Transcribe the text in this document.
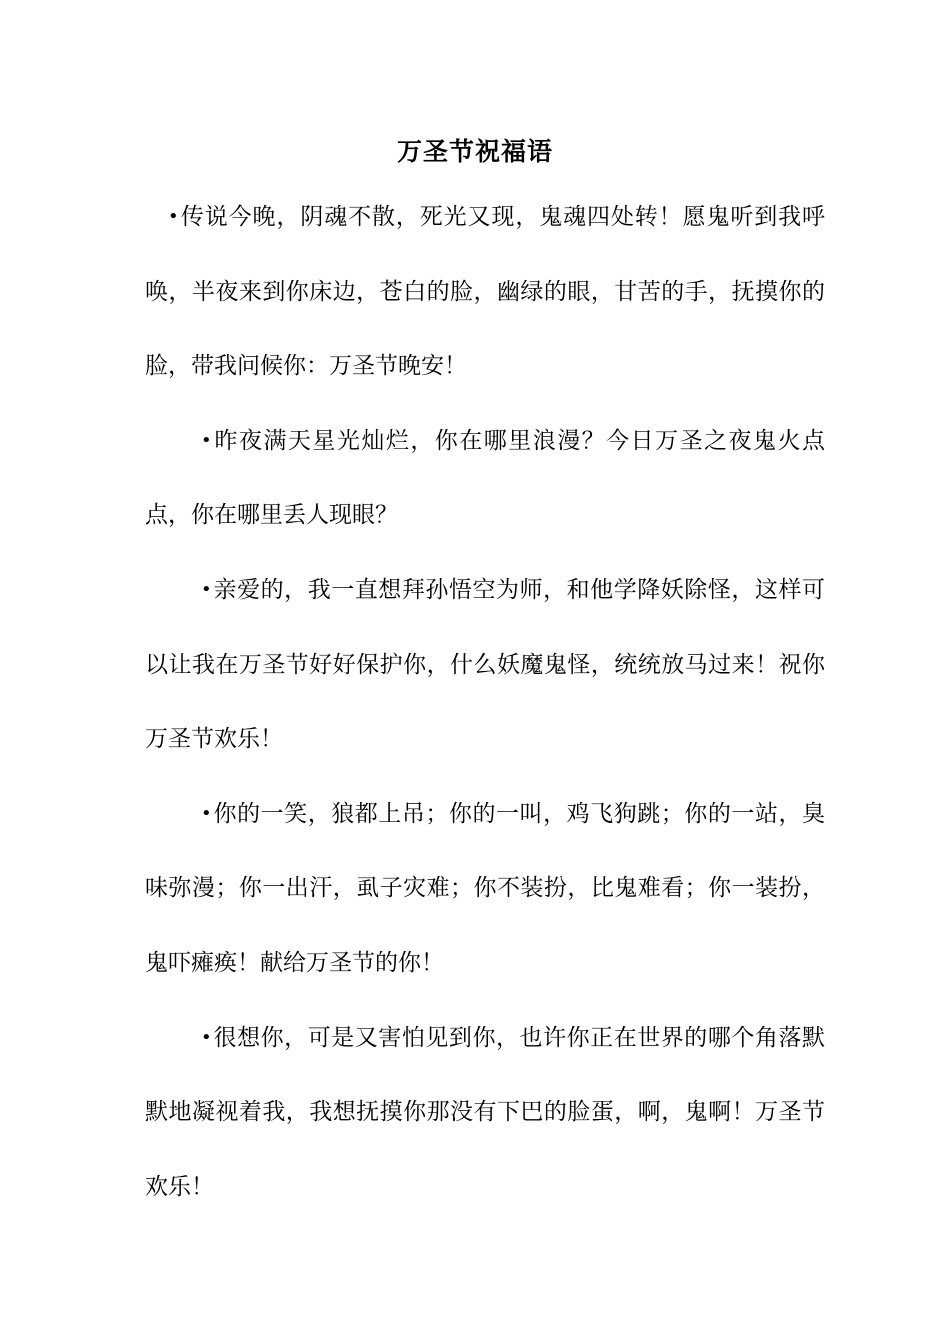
万圣节祝福语

•传说今晚，阴魂不散，死光又现，鬼魂四处转！愿鬼听到我呼唤，半夜来到你床边，苍白的脸，幽绿的眼，甘苦的手，抚摸你的脸，带我问候你：万圣节晚安！

•昨夜满天星光灿烂，你在哪里浪漫？今日万圣之夜鬼火点点，你在哪里丢人现眼？

•亲爱的，我一直想拜孙悟空为师，和他学降妖除怪，这样可以让我在万圣节好好保护你，什么妖魔鬼怪，统统放马过来！祝你万圣节欢乐！

•你的一笑，狼都上吊；你的一叫，鸡飞狗跳；你的一站，臭味弥漫；你一出汗，虱子灾难；你不装扮，比鬼难看；你一装扮，鬼吓瘫痪！献给万圣节的你！

•很想你，可是又害怕见到你，也许你正在世界的哪个角落默默地凝视着我，我想抚摸你那没有下巴的脸蛋，啊，鬼啊！万圣节欢乐！
